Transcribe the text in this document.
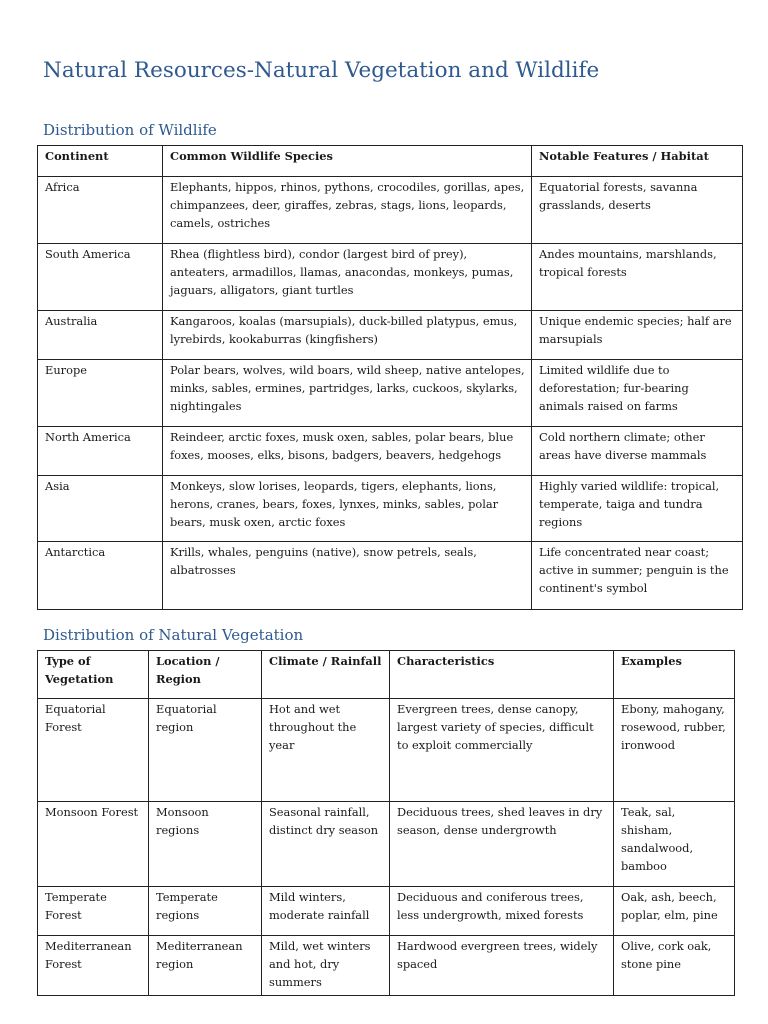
Natural Resources-Natural Vegetation and Wildlife
Distribution of Wildlife
Continent	Common Wildlife Species	Notable Features / Habitat
Africa	Elephants, hippos, rhinos, pythons, crocodiles, gorillas, apes, chimpanzees, deer, giraffes, zebras, stags, lions, leopards, camels, ostriches	Equatorial forests, savanna grasslands, deserts
South America	Rhea (flightless bird), condor (largest bird of prey), anteaters, armadillos, llamas, anacondas, monkeys, pumas, jaguars, alligators, giant turtles	Andes mountains, marshlands, tropical forests
Australia	Kangaroos, koalas (marsupials), duck-billed platypus, emus, lyrebirds, kookaburras (kingfishers)	Unique endemic species; half are marsupials
Europe	Polar bears, wolves, wild boars, wild sheep, native antelopes, minks, sables, ermines, partridges, larks, cuckoos, skylarks, nightingales	Limited wildlife due to deforestation; fur-bearing animals raised on farms
North America	Reindeer, arctic foxes, musk oxen, sables, polar bears, blue foxes, mooses, elks, bisons, badgers, beavers, hedgehogs	Cold northern climate; other areas have diverse mammals
Asia	Monkeys, slow lorises, leopards, tigers, elephants, lions, herons, cranes, bears, foxes, lynxes, minks, sables, polar bears, musk oxen, arctic foxes	Highly varied wildlife: tropical, temperate, taiga and tundra regions
Antarctica	Krills, whales, penguins (native), snow petrels, seals, albatrosses	Life concentrated near coast; active in summer; penguin is the continent's symbol
Distribution of Natural Vegetation
Type of Vegetation	Location / Region	Climate / Rainfall	Characteristics	Examples
Equatorial Forest	Equatorial region	Hot and wet throughout the year	Evergreen trees, dense canopy, largest variety of species, difficult to exploit commercially	Ebony, mahogany, rosewood, rubber, ironwood
Monsoon Forest	Monsoon regions	Seasonal rainfall, distinct dry season	Deciduous trees, shed leaves in dry season, dense undergrowth	Teak, sal, shisham, sandalwood, bamboo
Temperate Forest	Temperate regions	Mild winters, moderate rainfall	Deciduous and coniferous trees, less undergrowth, mixed forests	Oak, ash, beech, poplar, elm, pine
Mediterranean Forest	Mediterranean region	Mild, wet winters and hot, dry summers	Hardwood evergreen trees, widely spaced	Olive, cork oak, stone pine
